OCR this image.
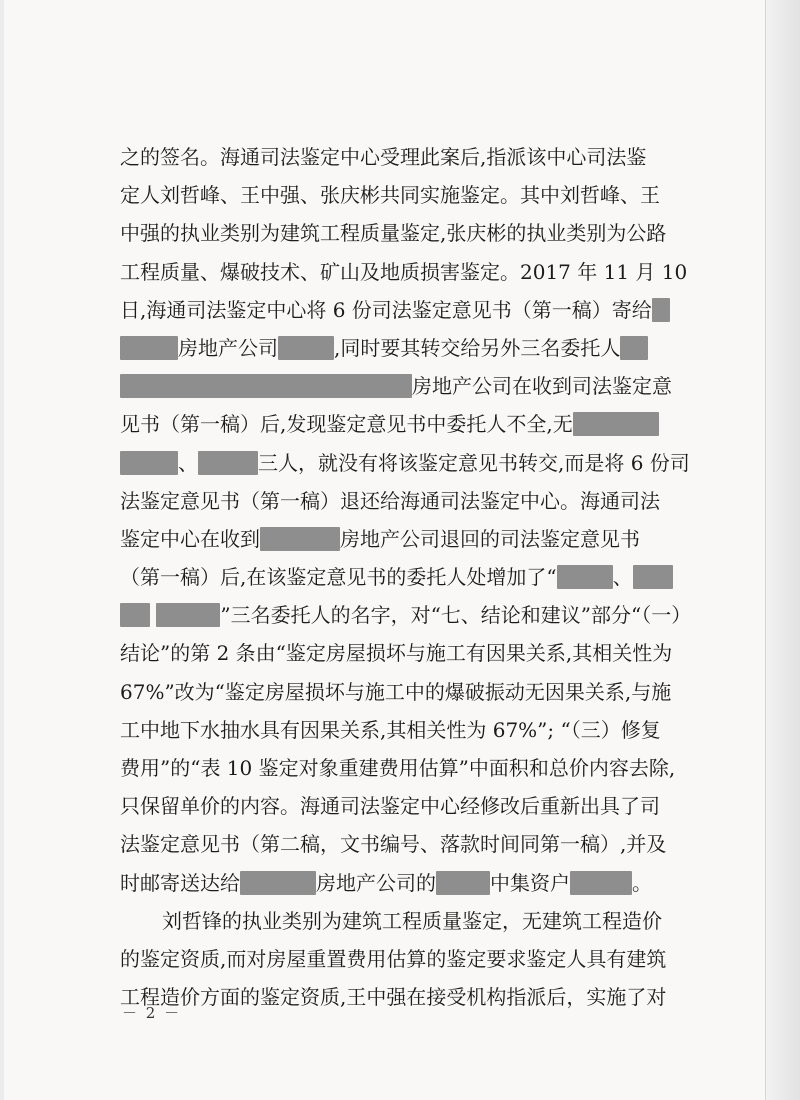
之的签名。海通司法鉴定中心受理此案后,指派该中心司法鉴
定人刘哲峰、王中强、张庆彬共同实施鉴定。其中刘哲峰、王
中强的执业类别为建筑工程质量鉴定,张庆彬的执业类别为公路
工程质量、爆破技术、矿山及地质损害鉴定。2017 年 11 月 10
日,海通司法鉴定中心将 6 份司法鉴定意见书（第一稿）寄给
房地产公司	,同时要其转交给另外三名委托人
房地产公司在收到司法鉴定意
见书（第一稿）后,发现鉴定意见书中委托人不全,无
、	三人，就没有将该鉴定意见书转交,而是将 6 份司
法鉴定意见书（第一稿）退还给海通司法鉴定中心。海通司法
鉴定中心在收到	房地产公司退回的司法鉴定意见书
（第一稿）后,在该鉴定意见书的委托人处增加了“	、
”三名委托人的名字，对“七、结论和建议”部分“（一）
结论”的第 2 条由“鉴定房屋损坏与施工有因果关系,其相关性为
67%”改为“鉴定房屋损坏与施工中的爆破振动无因果关系,与施
工中地下水抽水具有因果关系,其相关性为 67%”; “（三）修复
费用”的“表 10 鉴定对象重建费用估算”中面积和总价内容去除,
只保留单价的内容。海通司法鉴定中心经修改后重新出具了司
法鉴定意见书（第二稿，文书编号、落款时间同第一稿）,并及
时邮寄送达给	房地产公司的	中集资户	。
刘哲锋的执业类别为建筑工程质量鉴定，无建筑工程造价
的鉴定资质,而对房屋重置费用估算的鉴定要求鉴定人具有建筑
工程造价方面的鉴定资质,王中强在接受机构指派后，实施了对
－ 2 －
